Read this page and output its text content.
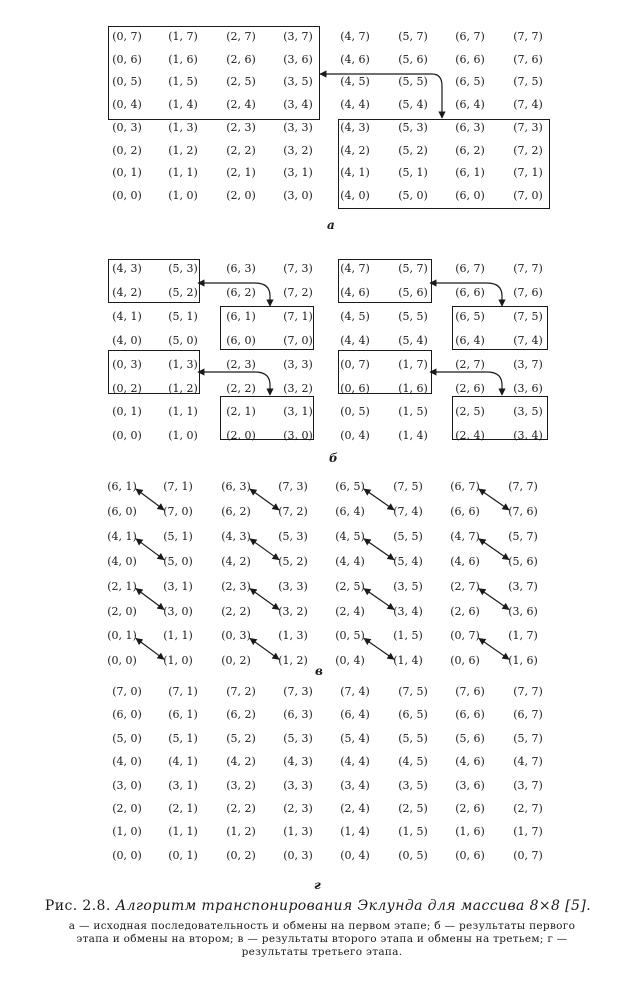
(0, 7)	(1, 7)	(2, 7)	(3, 7)	(4, 7)	(5, 7)	(6, 7)	(7, 7)
(0, 6)	(1, 6)	(2, 6)	(3, 6)	(4, 6)	(5, 6)	(6, 6)	(7, 6)
(0, 5)	(1, 5)	(2, 5)	(3, 5)	(4, 5)	(5, 5)	(6, 5)	(7, 5)
(0, 4)	(1, 4)	(2, 4)	(3, 4)	(4, 4)	(5, 4)	(6, 4)	(7, 4)
(0, 3)	(1, 3)	(2, 3)	(3, 3)	(4, 3)	(5, 3)	(6, 3)	(7, 3)
(0, 2)	(1, 2)	(2, 2)	(3, 2)	(4, 2)	(5, 2)	(6, 2)	(7, 2)
(0, 1)	(1, 1)	(2, 1)	(3, 1)	(4, 1)	(5, 1)	(6, 1)	(7, 1)
(0, 0)	(1, 0)	(2, 0)	(3, 0)	(4, 0)	(5, 0)	(6, 0)	(7, 0)
(4, 3)	(5, 3)	(6, 3)	(7, 3)	(4, 7)	(5, 7)	(6, 7)	(7, 7)
(4, 2)	(5, 2)	(6, 2)	(7, 2)	(4, 6)	(5, 6)	(6, 6)	(7, 6)
(4, 1)	(5, 1)	(6, 1)	(7, 1)	(4, 5)	(5, 5)	(6, 5)	(7, 5)
(4, 0)	(5, 0)	(6, 0)	(7, 0)	(4, 4)	(5, 4)	(6, 4)	(7, 4)
(0, 3)	(1, 3)	(2, 3)	(3, 3)	(0, 7)	(1, 7)	(2, 7)	(3, 7)
(0, 2)	(1, 2)	(2, 2)	(3, 2)	(0, 6)	(1, 6)	(2, 6)	(3, 6)
(0, 1)	(1, 1)	(2, 1)	(3, 1)	(0, 5)	(1, 5)	(2, 5)	(3, 5)
(0, 0)	(1, 0)	(2, 0)	(3, 0)	(0, 4)	(1, 4)	(2, 4)	(3, 4)
(6, 1)	(7, 1)	(6, 3)	(7, 3)	(6, 5)	(7, 5)	(6, 7)	(7, 7)
(6, 0)	(7, 0)	(6, 2)	(7, 2)	(6, 4)	(7, 4)	(6, 6)	(7, 6)
(4, 1)	(5, 1)	(4, 3)	(5, 3)	(4, 5)	(5, 5)	(4, 7)	(5, 7)
(4, 0)	(5, 0)	(4, 2)	(5, 2)	(4, 4)	(5, 4)	(4, 6)	(5, 6)
(2, 1)	(3, 1)	(2, 3)	(3, 3)	(2, 5)	(3, 5)	(2, 7)	(3, 7)
(2, 0)	(3, 0)	(2, 2)	(3, 2)	(2, 4)	(3, 4)	(2, 6)	(3, 6)
(0, 1)	(1, 1)	(0, 3)	(1, 3)	(0, 5)	(1, 5)	(0, 7)	(1, 7)
(0, 0)	(1, 0)	(0, 2)	(1, 2)	(0, 4)	(1, 4)	(0, 6)	(1, 6)
(7, 0)	(7, 1)	(7, 2)	(7, 3)	(7, 4)	(7, 5)	(7, 6)	(7, 7)
(6, 0)	(6, 1)	(6, 2)	(6, 3)	(6, 4)	(6, 5)	(6, 6)	(6, 7)
(5, 0)	(5, 1)	(5, 2)	(5, 3)	(5, 4)	(5, 5)	(5, 6)	(5, 7)
(4, 0)	(4, 1)	(4, 2)	(4, 3)	(4, 4)	(4, 5)	(4, 6)	(4, 7)
(3, 0)	(3, 1)	(3, 2)	(3, 3)	(3, 4)	(3, 5)	(3, 6)	(3, 7)
(2, 0)	(2, 1)	(2, 2)	(2, 3)	(2, 4)	(2, 5)	(2, 6)	(2, 7)
(1, 0)	(1, 1)	(1, 2)	(1, 3)	(1, 4)	(1, 5)	(1, 6)	(1, 7)
(0, 0)	(0, 1)	(0, 2)	(0, 3)	(0, 4)	(0, 5)	(0, 6)	(0, 7)
а
б
в
г
Рис. 2.8. Алгоритм транспонирования Эклунда для массива 8×8 [5].
а — исходная последовательность и обмены на первом этапе; б — результаты первого этапа и обмены на втором; в — результаты второго этапа и обмены на третьем; г — результаты третьего этапа.
